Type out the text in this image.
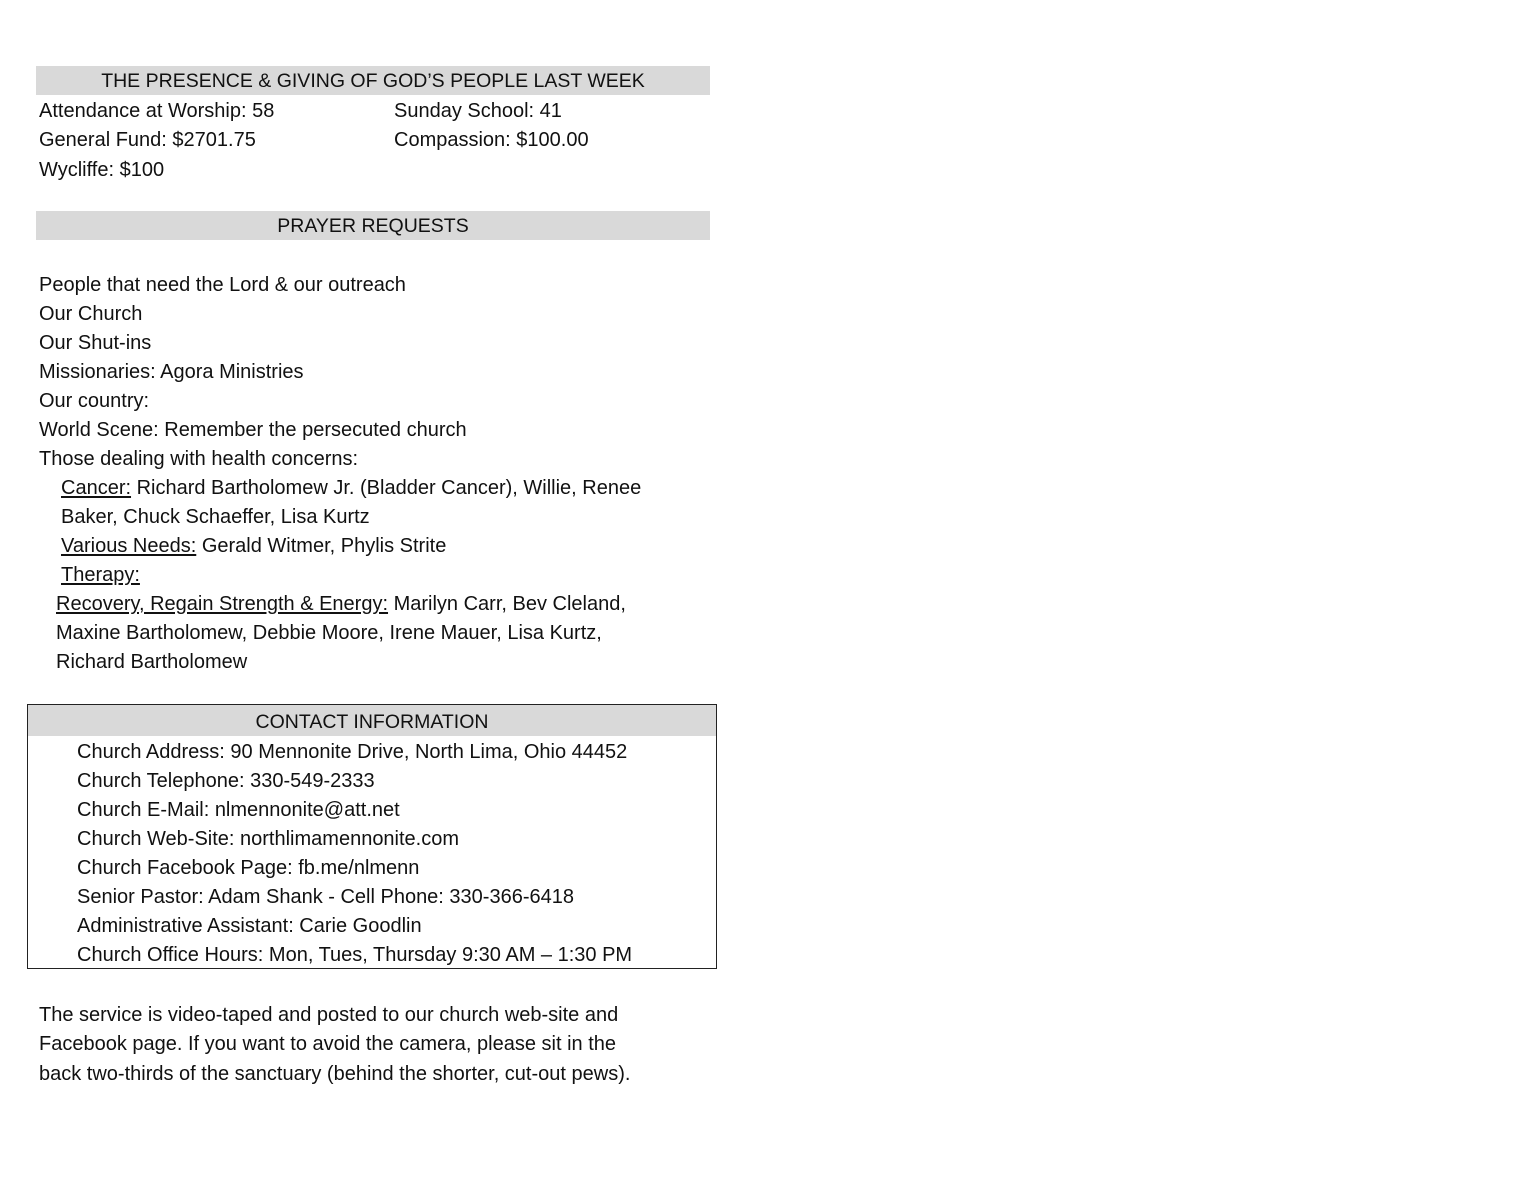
THE PRESENCE & GIVING OF GOD’S PEOPLE LAST WEEK
Attendance at Worship: 58	Sunday School: 41
General Fund: $2701.75	Compassion: $100.00
Wycliffe: $100
PRAYER REQUESTS
People that need the Lord & our outreach
Our Church
Our Shut-ins
Missionaries: Agora Ministries
Our country:
World Scene: Remember the persecuted church
Those dealing with health concerns:
Cancer: Richard Bartholomew Jr. (Bladder Cancer), Willie, Renee
Baker, Chuck Schaeffer, Lisa Kurtz
Various Needs: Gerald Witmer, Phylis Strite
Therapy:
Recovery, Regain Strength & Energy: Marilyn Carr, Bev Cleland,
Maxine Bartholomew, Debbie Moore, Irene Mauer, Lisa Kurtz,
Richard Bartholomew
CONTACT INFORMATION
Church Address: 90 Mennonite Drive, North Lima, Ohio 44452
Church Telephone: 330-549-2333
Church E-Mail: nlmennonite@att.net
Church Web-Site: northlimamennonite.com
Church Facebook Page: fb.me/nlmenn
Senior Pastor: Adam Shank - Cell Phone: 330-366-6418
Administrative Assistant: Carie Goodlin
Church Office Hours: Mon, Tues, Thursday 9:30 AM – 1:30 PM
The service is video-taped and posted to our church web-site and
Facebook page. If you want to avoid the camera, please sit in the
back two-thirds of the sanctuary (behind the shorter, cut-out pews).
